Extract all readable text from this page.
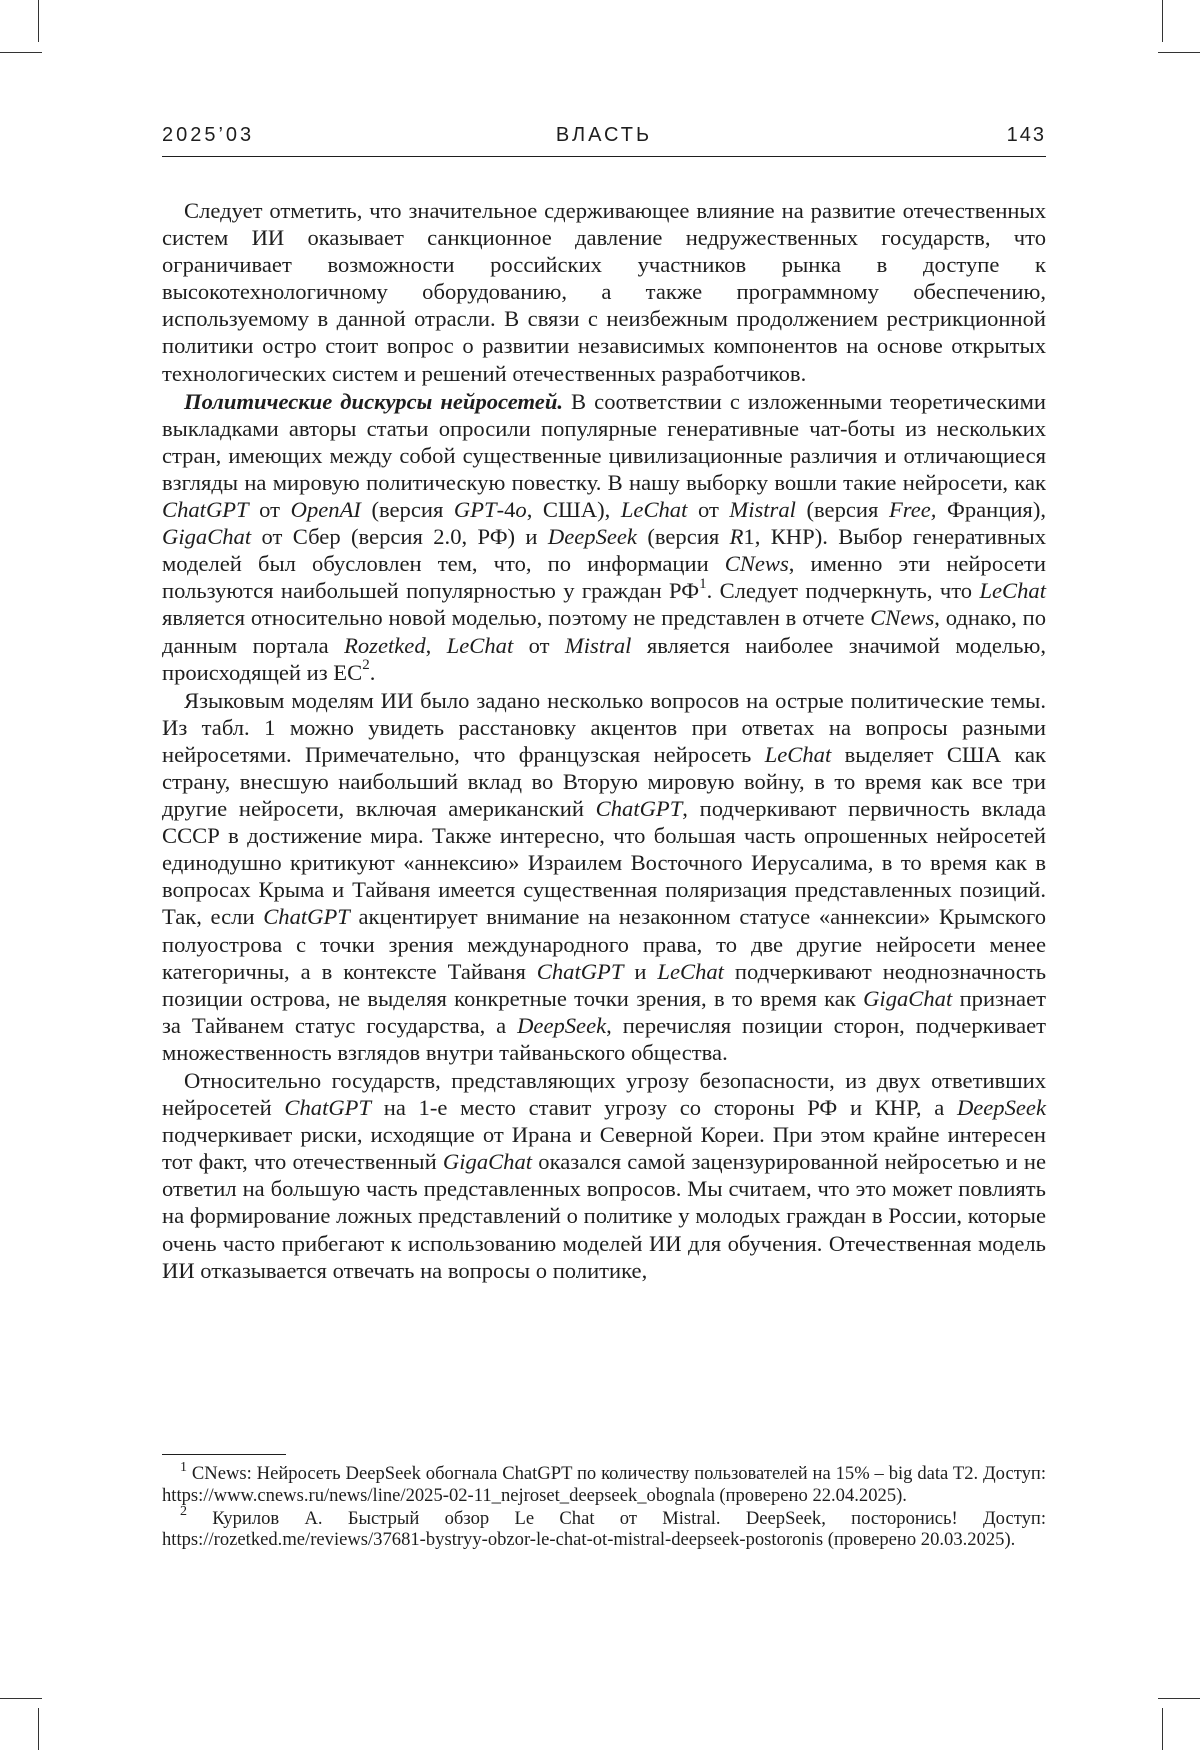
2025’03	ВЛАСТЬ	143

Следует отметить, что значительное сдерживающее влияние на развитие отечественных систем ИИ оказывает санкционное давление недружествен­ных государств, что ограничивает возможности российских участников рынка в доступе к высокотехнологичному оборудованию, а также программ­ному обеспечению, используемому в данной отрасли. В связи с неизбежным продолжением рестрикционной политики остро стоит вопрос о развитии независимых компонентов на основе открытых технологических систем и решений отечественных разработчиков.

Политические дискурсы нейросетей. В соответствии с изложенными теоре­тическими выкладками авторы статьи опросили популярные генеративные чат-боты из нескольких стран, имеющих между собой существенные циви­лизационные различия и отличающиеся взгляды на мировую политическую повестку. В нашу выборку вошли такие нейросети, как ChatGPT от OpenAI (версия GPT-4o, США), LeChat от Mistral (версия Free, Франция), GigaChat от Сбер (версия 2.0, РФ) и DeepSeek (версия R1, КНР). Выбор генеративных моделей был обусловлен тем, что, по информации CNews, именно эти нейро­сети пользуются наибольшей популярностью у граждан РФ1. Следует подчер­кнуть, что LeChat является относительно новой моделью, поэтому не пред­ставлен в отчете CNews, однако, по данным портала Rozetked, LeChat от Mistral является наиболее значимой моделью, происходящей из ЕС2.

Языковым моделям ИИ было задано несколько вопросов на острые поли­тические темы. Из табл. 1 можно увидеть расстановку акцентов при ответах на вопросы разными нейросетями. Примечательно, что французская ней­росеть LeChat выделяет США как страну, внесшую наибольший вклад во Вторую мировую войну, в то время как все три другие нейросети, включая американский ChatGPT, подчеркивают первичность вклада СССР в дости­жение мира. Также интересно, что большая часть опрошенных нейросетей единодушно критикуют «аннексию» Израилем Восточного Иерусалима, в то время как в вопросах Крыма и Тайваня имеется существенная поляризация представленных позиций. Так, если ChatGPT акцентирует внимание на неза­конном статусе «аннексии» Крымского полуострова с точки зрения между­народного права, то две другие нейросети менее категоричны, а в контексте Тайваня ChatGPT и LeChat подчеркивают неоднозначность позиции острова, не выделяя конкретные точки зрения, в то время как GigaChat признает за Тайванем статус государства, а DeepSeek, перечисляя позиции сторон, под­черкивает множественность взглядов внутри тайваньского общества.

Относительно государств, представляющих угрозу безопасности, из двух ответивших нейросетей ChatGPT на 1-е место ставит угрозу со стороны РФ и КНР, а DeepSeek подчеркивает риски, исходящие от Ирана и Северной Кореи. При этом крайне интересен тот факт, что отечественный GigaChat ока­зался самой зацензурированной нейросетью и не ответил на большую часть представленных вопросов. Мы считаем, что это может повлиять на форми­рование ложных представлений о политике у молодых граждан в России, которые очень часто прибегают к использованию моделей ИИ для обучения. Отечественная модель ИИ отказывается отвечать на вопросы о политике,

1 CNews: Нейросеть DeepSeek обогнала ChatGPT по количеству пользователей на 15% – big data T2. Доступ: https://www.cnews.ru/news/line/2025-02-11_nejroset_deepseek_obognala (проверено 22.04.2025).

2 Курилов А. Быстрый обзор Le Chat от Mistral. DeepSeek, посторонись! Доступ: https://rozetked.me/reviews/37681-bystryy-obzor-le-chat-ot-mistral-deepseek-postoronis (проверено 20.03.2025).
